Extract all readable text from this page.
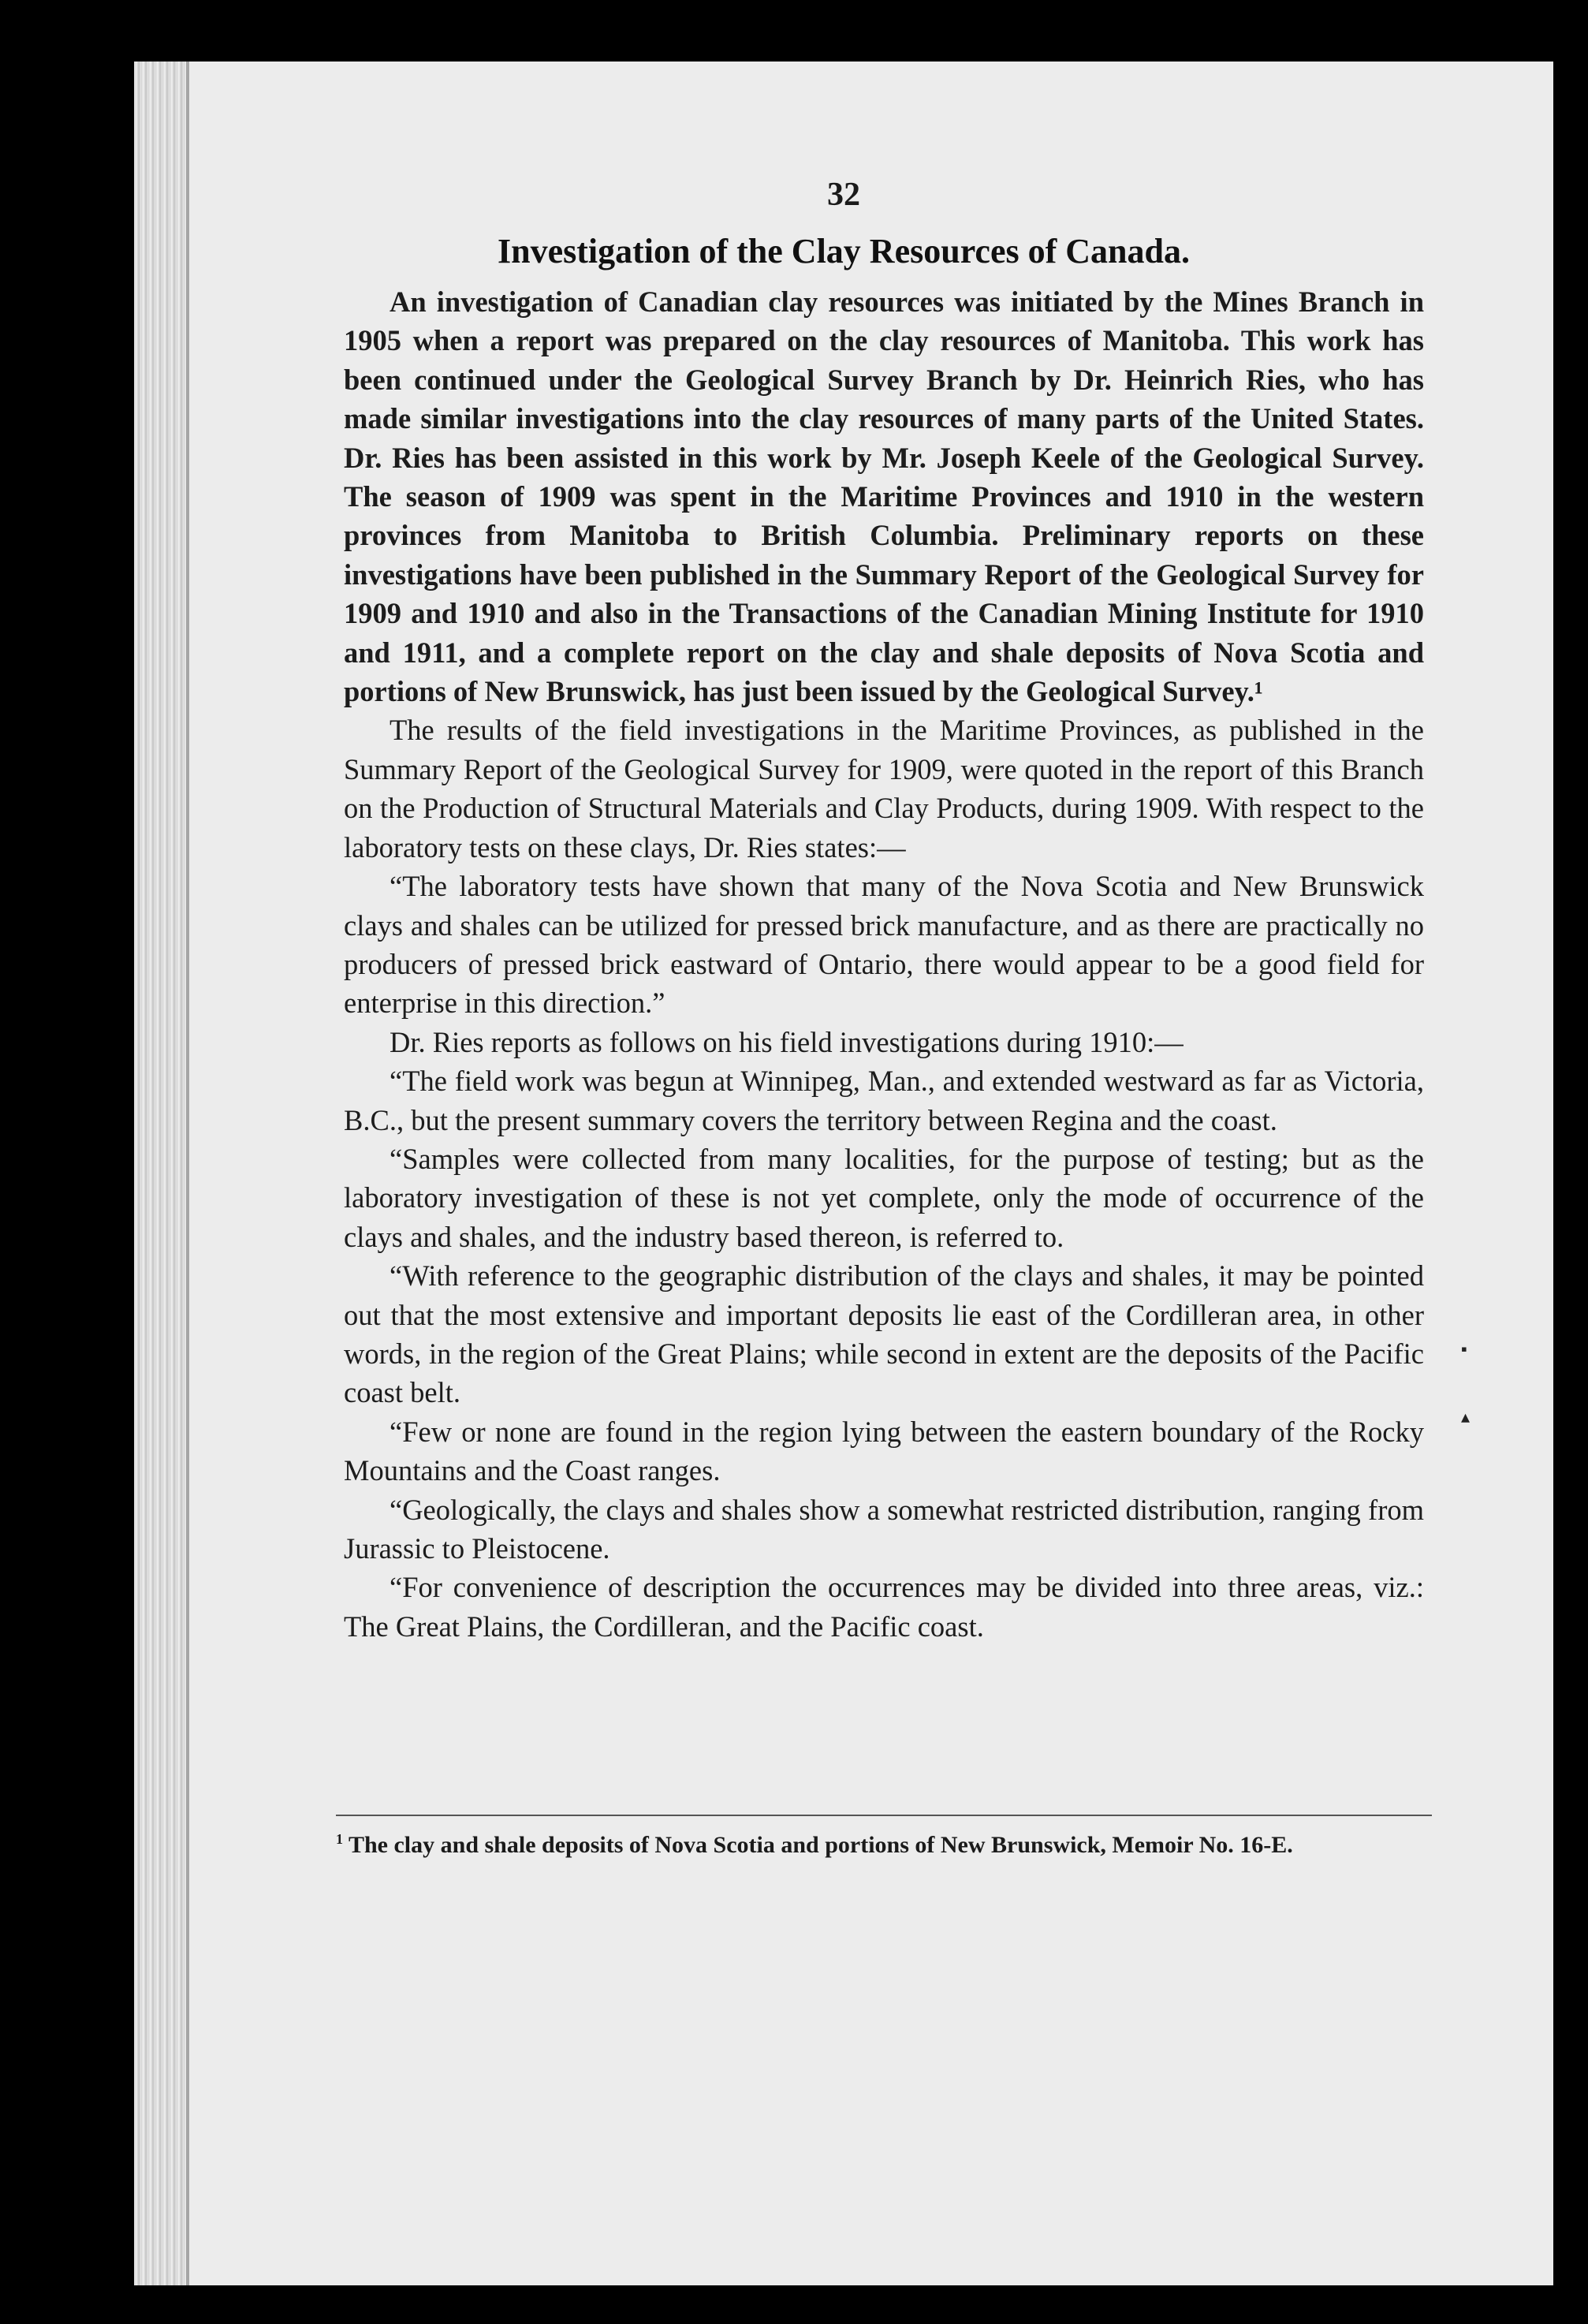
32
Investigation of the Clay Resources of Canada.

An investigation of Canadian clay resources was initiated by the Mines Branch in 1905 when a report was prepared on the clay resources of Manitoba. This work has been continued under the Geological Survey Branch by Dr. Heinrich Ries, who has made similar investigations into the clay resources of many parts of the United States. Dr. Ries has been assisted in this work by Mr. Joseph Keele of the Geological Survey. The season of 1909 was spent in the Maritime Provinces and 1910 in the western provinces from Manitoba to British Columbia. Preliminary reports on these investigations have been published in the Summary Report of the Geological Survey for 1909 and 1910 and also in the Transactions of the Canadian Mining Institute for 1910 and 1911, and a complete report on the clay and shale deposits of Nova Scotia and portions of New Brunswick, has just been issued by the Geological Survey.¹

The results of the field investigations in the Maritime Provinces, as published in the Summary Report of the Geological Survey for 1909, were quoted in the report of this Branch on the Production of Structural Materials and Clay Products, during 1909. With respect to the laboratory tests on these clays, Dr. Ries states:—

“The laboratory tests have shown that many of the Nova Scotia and New Brunswick clays and shales can be utilized for pressed brick manufacture, and as there are practically no producers of pressed brick eastward of Ontario, there would appear to be a good field for enterprise in this direction.”

Dr. Ries reports as follows on his field investigations during 1910:—

“The field work was begun at Winnipeg, Man., and extended westward as far as Victoria, B.C., but the present summary covers the territory between Regina and the coast.

“Samples were collected from many localities, for the purpose of testing; but as the laboratory investigation of these is not yet complete, only the mode of occurrence of the clays and shales, and the industry based thereon, is referred to.

“With reference to the geographic distribution of the clays and shales, it may be pointed out that the most extensive and important deposits lie east of the Cordilleran area, in other words, in the region of the Great Plains; while second in extent are the deposits of the Pacific coast belt.

“Few or none are found in the region lying between the eastern boundary of the Rocky Mountains and the Coast ranges.

“Geologically, the clays and shales show a somewhat restricted distribution, ranging from Jurassic to Pleistocene.

“For convenience of description the occurrences may be divided into three areas, viz.: The Great Plains, the Cordilleran, and the Pacific coast.

$^1$ The clay and shale deposits of Nova Scotia and portions of New Brunswick, Memoir No. 16-E.
▪
▴
